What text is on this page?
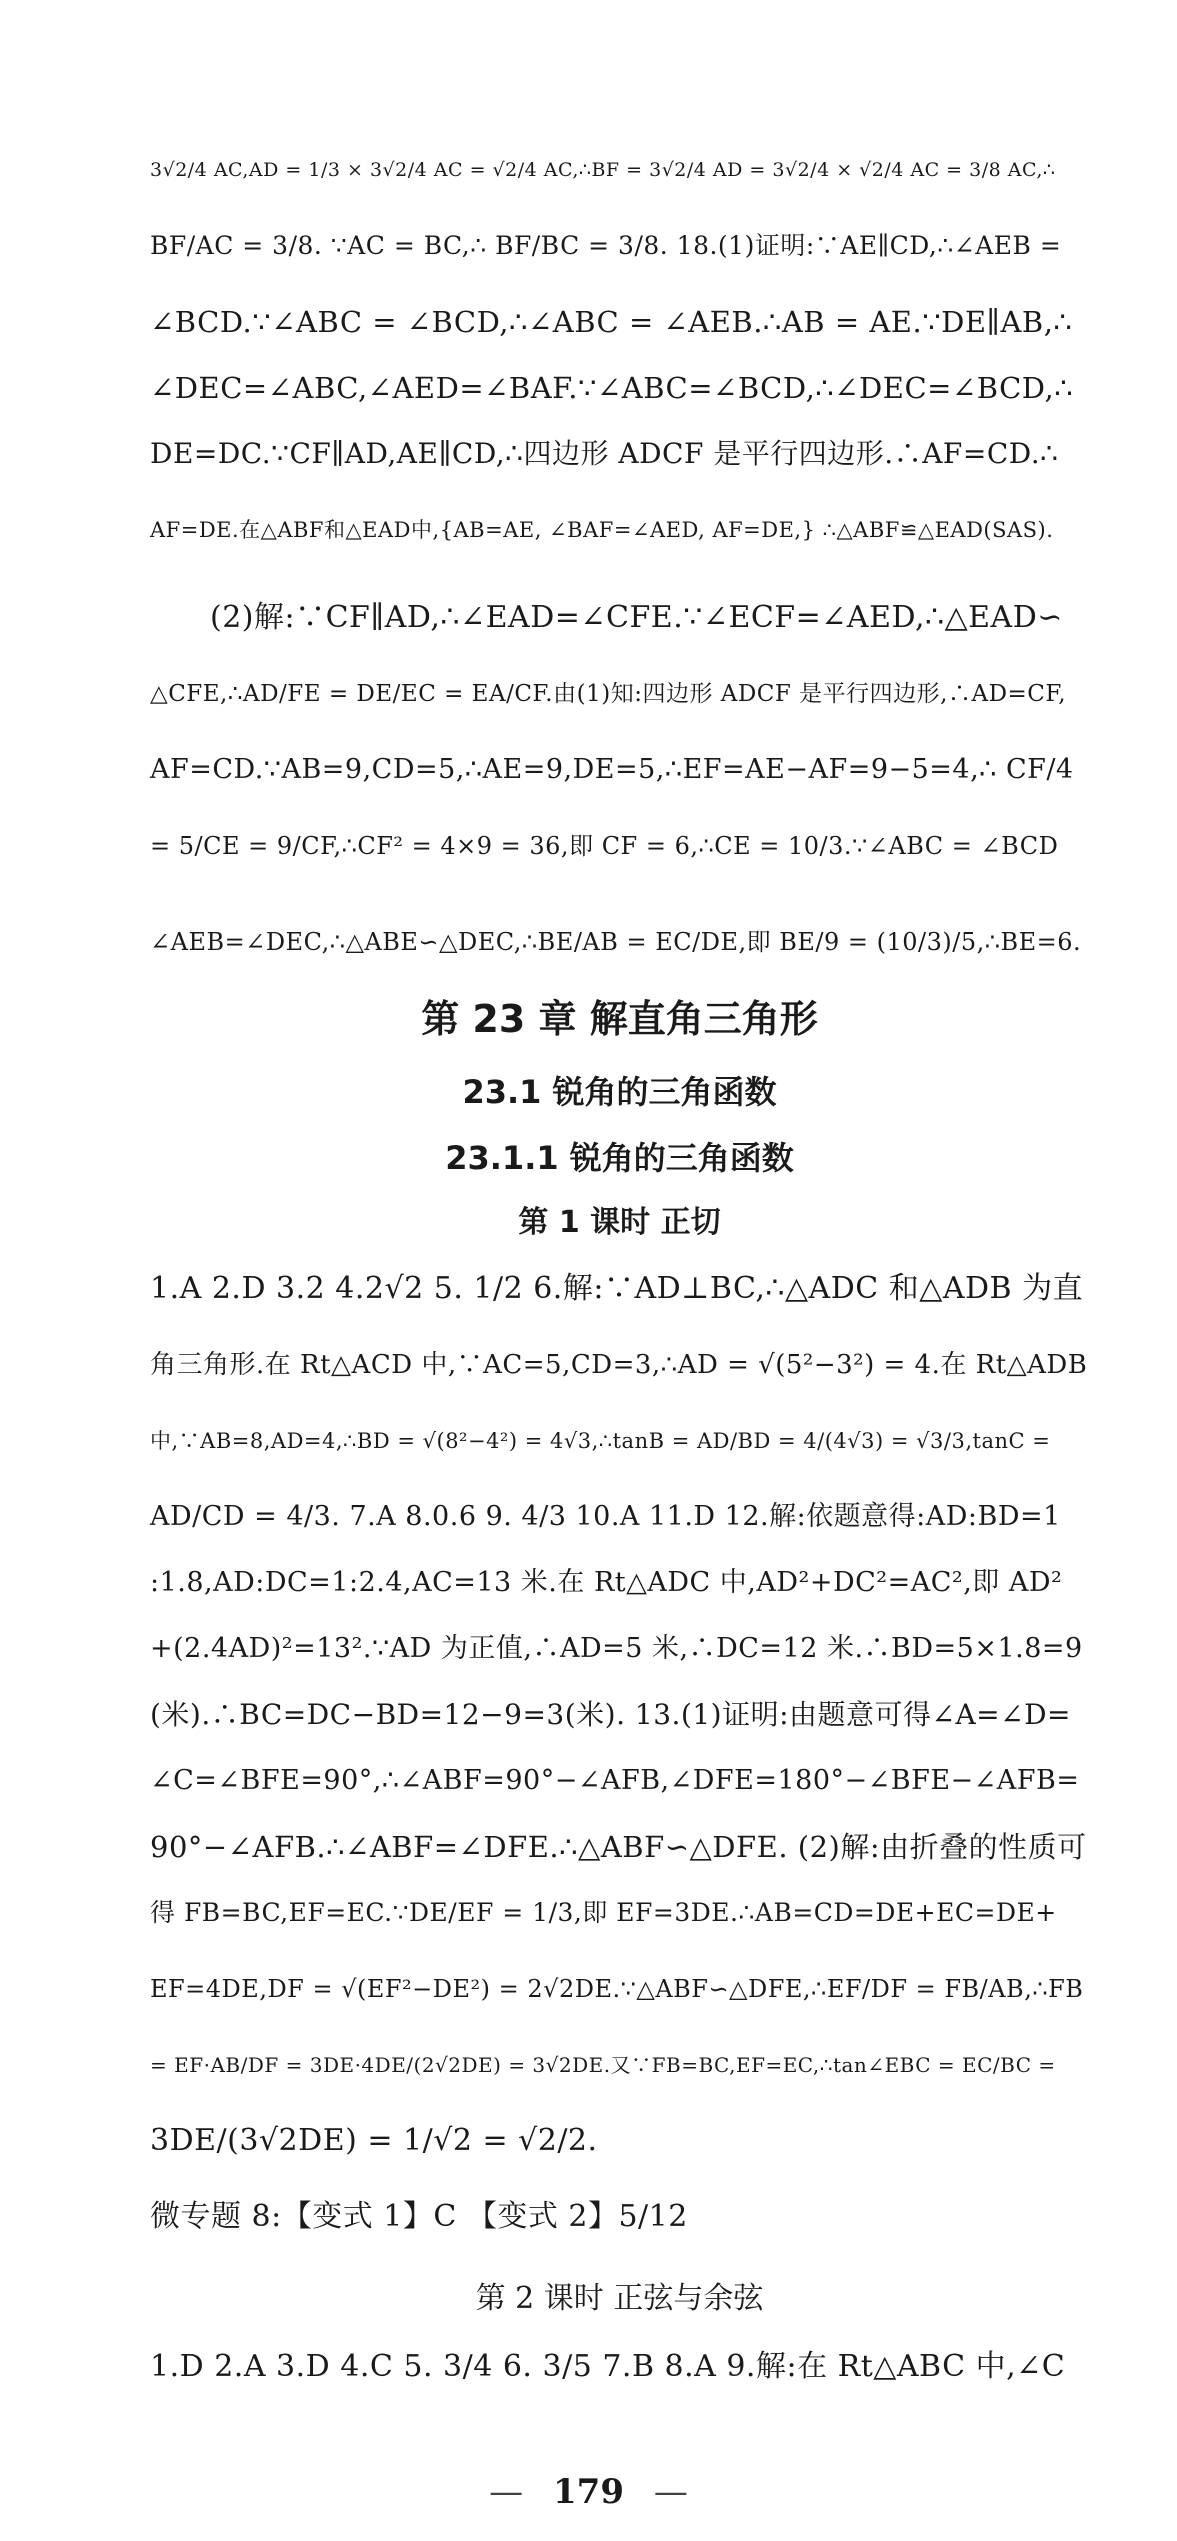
3√2/4 AC,AD = 1/3 × 3√2/4 AC = √2/4 AC,∴BF = 3√2/4 AD = 3√2/4 × √2/4 AC = 3/8 AC,∴

BF/AC = 3/8. ∵AC = BC,∴ BF/BC = 3/8. 18.(1)证明:∵AE∥CD,∴∠AEB =

∠BCD.∵∠ABC = ∠BCD,∴∠ABC = ∠AEB.∴AB = AE.∵DE∥AB,∴

∠DEC=∠ABC,∠AED=∠BAF.∵∠ABC=∠BCD,∴∠DEC=∠BCD,∴

DE=DC.∵CF∥AD,AE∥CD,∴四边形 ADCF 是平行四边形.∴AF=CD.∴

AF=DE.在△ABF和△EAD中,{AB=AE, ∠BAF=∠AED, AF=DE,} ∴△ABF≌△EAD(SAS).

(2)解:∵CF∥AD,∴∠EAD=∠CFE.∵∠ECF=∠AED,∴△EAD∽

△CFE,∴AD/FE = DE/EC = EA/CF.由(1)知:四边形 ADCF 是平行四边形,∴AD=CF,

AF=CD.∵AB=9,CD=5,∴AE=9,DE=5,∴EF=AE−AF=9−5=4,∴ CF/4

= 5/CE = 9/CF,∴CF² = 4×9 = 36,即 CF = 6,∴CE = 10/3.∵∠ABC = ∠BCD

∠AEB=∠DEC,∴△ABE∽△DEC,∴BE/AB = EC/DE,即 BE/9 = (10/3)/5,∴BE=6.

第 23 章 解直角三角形
23.1 锐角的三角函数
23.1.1 锐角的三角函数
第 1 课时 正切

1.A 2.D 3.2 4.2√2 5. 1/2 6.解:∵AD⊥BC,∴△ADC 和△ADB 为直

角三角形.在 Rt△ACD 中,∵AC=5,CD=3,∴AD = √(5²−3²) = 4.在 Rt△ADB

中,∵AB=8,AD=4,∴BD = √(8²−4²) = 4√3,∴tanB = AD/BD = 4/(4√3) = √3/3,tanC =

AD/CD = 4/3. 7.A 8.0.6 9. 4/3 10.A 11.D 12.解:依题意得:AD:BD=1

:1.8,AD:DC=1:2.4,AC=13 米.在 Rt△ADC 中,AD²+DC²=AC²,即 AD²

+(2.4AD)²=13².∵AD 为正值,∴AD=5 米,∴DC=12 米.∴BD=5×1.8=9

(米).∴BC=DC−BD=12−9=3(米). 13.(1)证明:由题意可得∠A=∠D=

∠C=∠BFE=90°,∴∠ABF=90°−∠AFB,∠DFE=180°−∠BFE−∠AFB=

90°−∠AFB.∴∠ABF=∠DFE.∴△ABF∽△DFE. (2)解:由折叠的性质可

得 FB=BC,EF=EC.∵DE/EF = 1/3,即 EF=3DE.∴AB=CD=DE+EC=DE+

EF=4DE,DF = √(EF²−DE²) = 2√2DE.∵△ABF∽△DFE,∴EF/DF = FB/AB,∴FB

= EF·AB/DF = 3DE·4DE/(2√2DE) = 3√2DE.又∵FB=BC,EF=EC,∴tan∠EBC = EC/BC =

3DE/(3√2DE) = 1/√2 = √2/2.

微专题 8:【变式 1】C 【变式 2】5/12

第 2 课时 正弦与余弦

1.D 2.A 3.D 4.C 5. 3/4 6. 3/5 7.B 8.A 9.解:在 Rt△ABC 中,∠C

— 179 —
